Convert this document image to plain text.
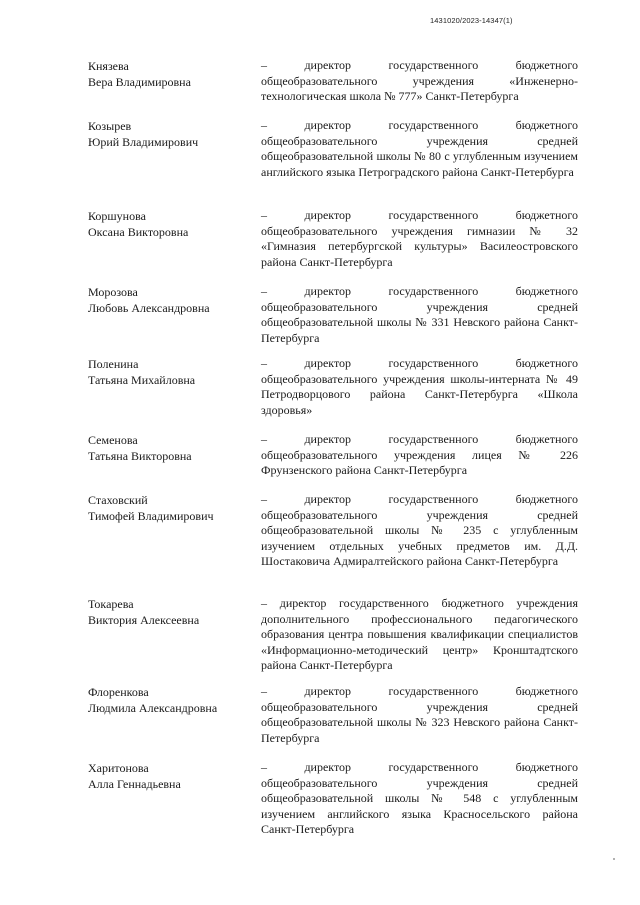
1431020/2023-14347(1)
Князева
Вера Владимировна
– директор государственного бюджетного общеобразовательного учреждения «Инженерно-технологическая школа № 777» Санкт-Петербурга
Козырев
Юрий Владимирович
– директор государственного бюджетного общеобразовательного учреждения средней общеобразовательной школы № 80 с углубленным изучением английского языка Петроградского района Санкт-Петербурга
Коршунова
Оксана Викторовна
– директор государственного бюджетного общеобразовательного учреждения гимназии № 32 «Гимназия петербургской культуры» Василеостровского района Санкт-Петербурга
Морозова
Любовь Александровна
– директор государственного бюджетного общеобразовательного учреждения средней общеобразовательной школы № 331 Невского района Санкт-Петербурга
Поленина
Татьяна Михайловна
– директор государственного бюджетного общеобразовательного учреждения школы-интерната № 49 Петродворцового района Санкт-Петербурга «Школа здоровья»
Семенова
Татьяна Викторовна
– директор государственного бюджетного общеобразовательного учреждения лицея № 226 Фрунзенского района Санкт-Петербурга
Стаховский
Тимофей Владимирович
– директор государственного бюджетного общеобразовательного учреждения средней общеобразовательной школы № 235 с углубленным изучением отдельных учебных предметов им. Д.Д. Шостаковича Адмиралтейского района Санкт-Петербурга
Токарева
Виктория Алексеевна
– директор государственного бюджетного учреждения дополнительного профессионального педагогического образования центра повышения квалификации специалистов «Информационно-методический центр» Кронштадтского района Санкт-Петербурга
Флоренкова
Людмила Александровна
– директор государственного бюджетного общеобразовательного учреждения средней общеобразовательной школы № 323 Невского района Санкт-Петербурга
Харитонова
Алла Геннадьевна
– директор государственного бюджетного общеобразовательного учреждения средней общеобразовательной школы № 548 с углубленным изучением английского языка Красносельского района Санкт-Петербурга
